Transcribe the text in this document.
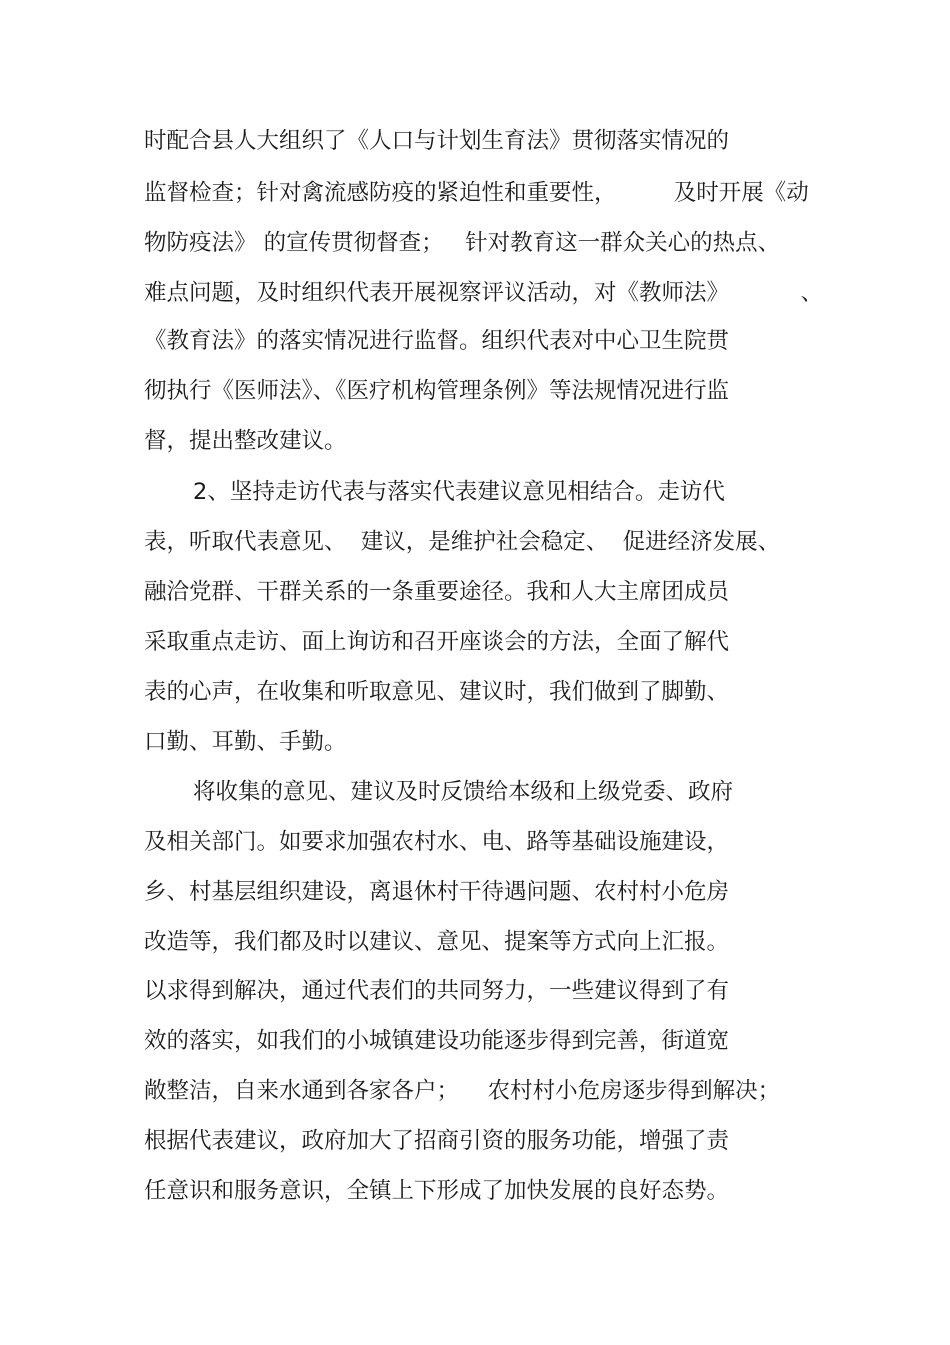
时配合县人大组织了《人口与计划生育法》贯彻落实情况的
监督检查；针对禽流感防疫的紧迫性和重要性，        及时开展《动
物防疫法》 的宣传贯彻督查；   针对教育这一群众关心的热点、
难点问题，及时组织代表开展视察评议活动，对《教师法》          、
《教育法》的落实情况进行监督。组织代表对中心卫生院贯
彻执行《医师法》、《医疗机构管理条例》等法规情况进行监
督，提出整改建议。
2、坚持走访代表与落实代表建议意见相结合。走访代
表，听取代表意见、  建议，是维护社会稳定、  促进经济发展、
融洽党群、干群关系的一条重要途径。我和人大主席团成员
采取重点走访、面上询访和召开座谈会的方法，全面了解代
表的心声，在收集和听取意见、建议时，我们做到了脚勤、
口勤、耳勤、手勤。
将收集的意见、建议及时反馈给本级和上级党委、政府
及相关部门。如要求加强农村水、电、路等基础设施建设，
乡、村基层组织建设，离退休村干待遇问题、农村村小危房
改造等，我们都及时以建议、意见、提案等方式向上汇报。
以求得到解决，通过代表们的共同努力，一些建议得到了有
效的落实，如我们的小城镇建设功能逐步得到完善，街道宽
敞整洁，自来水通到各家各户；    农村村小危房逐步得到解决；
根据代表建议，政府加大了招商引资的服务功能，增强了责
任意识和服务意识，全镇上下形成了加快发展的良好态势。
